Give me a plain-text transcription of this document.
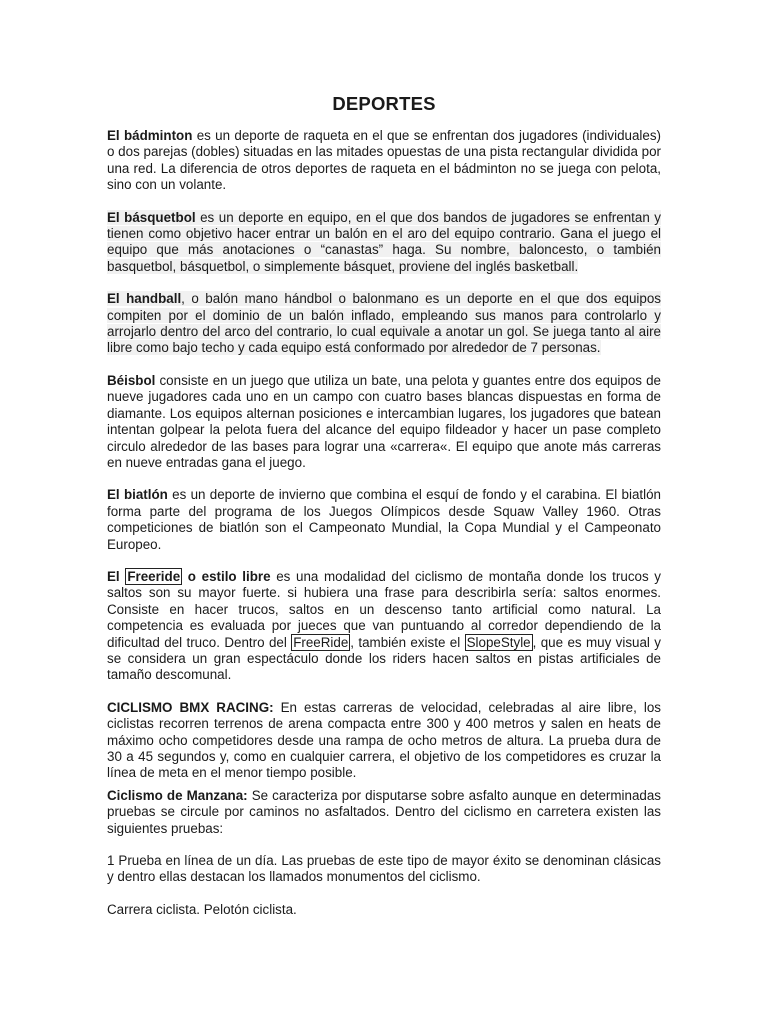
DEPORTES

El bádminton es un deporte de raqueta en el que se enfrentan dos jugadores (individuales) o dos parejas (dobles) situadas en las mitades opuestas de una pista rectangular dividida por una red. La diferencia de otros deportes de raqueta en el bádminton no se juega con pelota, sino con un volante.

El básquetbol es un deporte en equipo, en el que dos bandos de jugadores se enfrentan y tienen como objetivo hacer entrar un balón en el aro del equipo contrario. Gana el juego el equipo que más anotaciones o “canastas” haga. Su nombre, baloncesto, o también basquetbol, básquetbol, o simplemente básquet, proviene del inglés basketball.

El handball, o balón mano hándbol o balonmano es un deporte en el que dos equipos compiten por el dominio de un balón inflado, empleando sus manos para controlarlo y arrojarlo dentro del arco del contrario, lo cual equivale a anotar un gol. Se juega tanto al aire libre como bajo techo y cada equipo está conformado por alrededor de 7 personas.

Béisbol consiste en un juego que utiliza un bate, una pelota y guantes entre dos equipos de nueve jugadores cada uno en un campo con cuatro bases blancas dispuestas en forma de diamante. Los equipos alternan posiciones e intercambian lugares, los jugadores que batean intentan golpear la pelota fuera del alcance del equipo fildeador y hacer un pase completo circulo alrededor de las bases para lograr una «carrera«. El equipo que anote más carreras en nueve entradas gana el juego.

El biatlón es un deporte de invierno que combina el esquí de fondo y el carabina. El biatlón forma parte del programa de los Juegos Olímpicos desde Squaw Valley 1960. Otras competiciones de biatlón son el Campeonato Mundial, la Copa Mundial y el Campeonato Europeo.

El Freeride o estilo libre es una modalidad del ciclismo de montaña donde los trucos y saltos son su mayor fuerte. si hubiera una frase para describirla sería: saltos enormes. Consiste en hacer trucos, saltos en un descenso tanto artificial como natural. La competencia es evaluada por jueces que van puntuando al corredor dependiendo de la dificultad del truco. Dentro del FreeRide , también existe el SlopeStyle , que es muy visual y se considera un gran espectáculo donde los riders hacen saltos en pistas artificiales de tamaño descomunal.

CICLISMO BMX RACING: En estas carreras de velocidad, celebradas al aire libre, los ciclistas recorren terrenos de arena compacta entre 300 y 400 metros y salen en heats de máximo ocho competidores desde una rampa de ocho metros de altura. La prueba dura de 30 a 45 segundos y, como en cualquier carrera, el objetivo de los competidores es cruzar la línea de meta en el menor tiempo posible.

Ciclismo de Manzana: Se caracteriza por disputarse sobre asfalto aunque en determinadas pruebas se circule por caminos no asfaltados. Dentro del ciclismo en carretera existen las siguientes pruebas:

1 Prueba en línea de un día. Las pruebas de este tipo de mayor éxito se denominan clásicas y dentro ellas destacan los llamados monumentos del ciclismo.

Carrera ciclista. Pelotón ciclista.
